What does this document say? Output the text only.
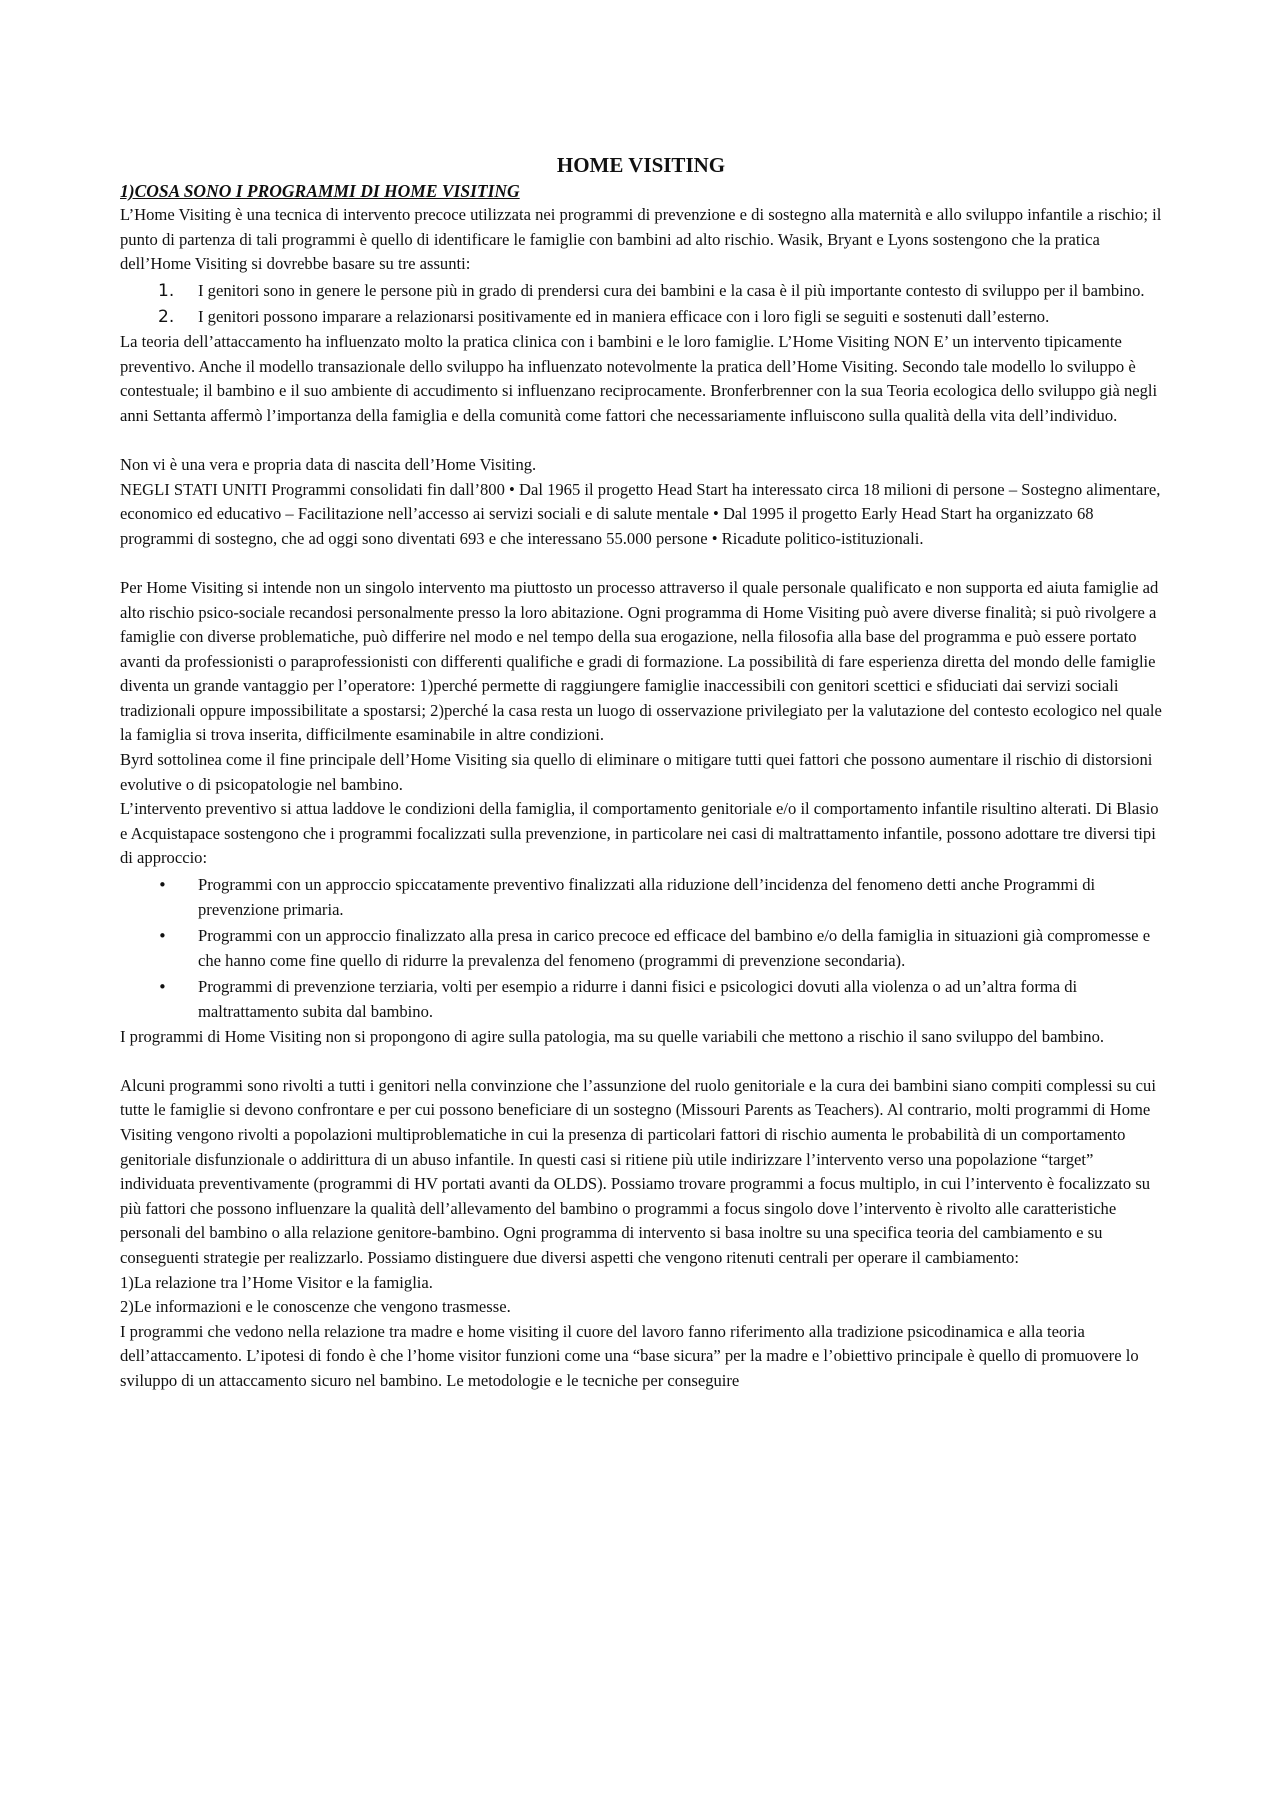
HOME VISITING
1)COSA SONO I PROGRAMMI DI HOME VISITING

L’Home Visiting è una tecnica di intervento precoce utilizzata nei programmi di prevenzione e di sostegno alla maternità e allo sviluppo infantile a rischio; il punto di partenza di tali programmi è quello di identificare le famiglie con bambini ad alto rischio. Wasik, Bryant e Lyons sostengono che la pratica dell’Home Visiting si dovrebbe basare su tre assunti:

1. I genitori sono in genere le persone più in grado di prendersi cura dei bambini e la casa è il più importante contesto di sviluppo per il bambino.
2. I genitori possono imparare a relazionarsi positivamente ed in maniera efficace con i loro figli se seguiti e sostenuti dall’esterno.

La teoria dell’attaccamento ha influenzato molto la pratica clinica con i bambini e le loro famiglie. L’Home Visiting NON E’ un intervento tipicamente preventivo. Anche il modello transazionale dello sviluppo ha influenzato notevolmente la pratica dell’Home Visiting. Secondo tale modello lo sviluppo è contestuale; il bambino e il suo ambiente di accudimento si influenzano reciprocamente. Bronferbrenner con la sua Teoria ecologica dello sviluppo già negli anni Settanta affermò l’importanza della famiglia e della comunità come fattori che necessariamente influiscono sulla qualità della vita dell’individuo.

Non vi è una vera e propria data di nascita dell’Home Visiting.

NEGLI STATI UNITI Programmi consolidati fin dall’800 • Dal 1965 il progetto Head Start ha interessato circa 18 milioni di persone – Sostegno alimentare, economico ed educativo – Facilitazione nell’accesso ai servizi sociali e di salute mentale • Dal 1995 il progetto Early Head Start ha organizzato 68 programmi di sostegno, che ad oggi sono diventati 693 e che interessano 55.000 persone • Ricadute politico-istituzionali.

Per Home Visiting si intende non un singolo intervento ma piuttosto un processo attraverso il quale personale qualificato e non supporta ed aiuta famiglie ad alto rischio psico-sociale recandosi personalmente presso la loro abitazione. Ogni programma di Home Visiting può avere diverse finalità; si può rivolgere a famiglie con diverse problematiche, può differire nel modo e nel tempo della sua erogazione, nella filosofia alla base del programma e può essere portato avanti da professionisti o paraprofessionisti con differenti qualifiche e gradi di formazione. La possibilità di fare esperienza diretta del mondo delle famiglie diventa un grande vantaggio per l’operatore: 1)perché permette di raggiungere famiglie inaccessibili con genitori scettici e sfiduciati dai servizi sociali tradizionali oppure impossibilitate a spostarsi; 2)perché la casa resta un luogo di osservazione privilegiato per la valutazione del contesto ecologico nel quale la famiglia si trova inserita, difficilmente esaminabile in altre condizioni.

Byrd sottolinea come il fine principale dell’Home Visiting sia quello di eliminare o mitigare tutti quei fattori che possono aumentare il rischio di distorsioni evolutive o di psicopatologie nel bambino.

L’intervento preventivo si attua laddove le condizioni della famiglia, il comportamento genitoriale e/o il comportamento infantile risultino alterati. Di Blasio e Acquistapace sostengono che i programmi focalizzati sulla prevenzione, in particolare nei casi di maltrattamento infantile, possono adottare tre diversi tipi di approccio:

• Programmi con un approccio spiccatamente preventivo finalizzati alla riduzione dell’incidenza del fenomeno detti anche Programmi di prevenzione primaria.
• Programmi con un approccio finalizzato alla presa in carico precoce ed efficace del bambino e/o della famiglia in situazioni già compromesse e che hanno come fine quello di ridurre la prevalenza del fenomeno (programmi di prevenzione secondaria).
• Programmi di prevenzione terziaria, volti per esempio a ridurre i danni fisici e psicologici dovuti alla violenza o ad un’altra forma di maltrattamento subita dal bambino.

I programmi di Home Visiting non si propongono di agire sulla patologia, ma su quelle variabili che mettono a rischio il sano sviluppo del bambino.

Alcuni programmi sono rivolti a tutti i genitori nella convinzione che l’assunzione del ruolo genitoriale e la cura dei bambini siano compiti complessi su cui tutte le famiglie si devono confrontare e per cui possono beneficiare di un sostegno (Missouri Parents as Teachers). Al contrario, molti programmi di Home Visiting vengono rivolti a popolazioni multiproblematiche in cui la presenza di particolari fattori di rischio aumenta le probabilità di un comportamento genitoriale disfunzionale o addirittura di un abuso infantile. In questi casi si ritiene più utile indirizzare l’intervento verso una popolazione “target” individuata preventivamente (programmi di HV portati avanti da OLDS). Possiamo trovare programmi a focus multiplo, in cui l’intervento è focalizzato su più fattori che possono influenzare la qualità dell’allevamento del bambino o programmi a focus singolo dove l’intervento è rivolto alle caratteristiche personali del bambino o alla relazione genitore-bambino. Ogni programma di intervento si basa inoltre su una specifica teoria del cambiamento e su conseguenti strategie per realizzarlo. Possiamo distinguere due diversi aspetti che vengono ritenuti centrali per operare il cambiamento:

1)La relazione tra l’Home Visitor e la famiglia.

2)Le informazioni e le conoscenze che vengono trasmesse.

I programmi che vedono nella relazione tra madre e home visiting il cuore del lavoro fanno riferimento alla tradizione psicodinamica e alla teoria dell’attaccamento. L’ipotesi di fondo è che l’home visitor funzioni come una “base sicura” per la madre e l’obiettivo principale è quello di promuovere lo sviluppo di un attaccamento sicuro nel bambino. Le metodologie e le tecniche per conseguire
